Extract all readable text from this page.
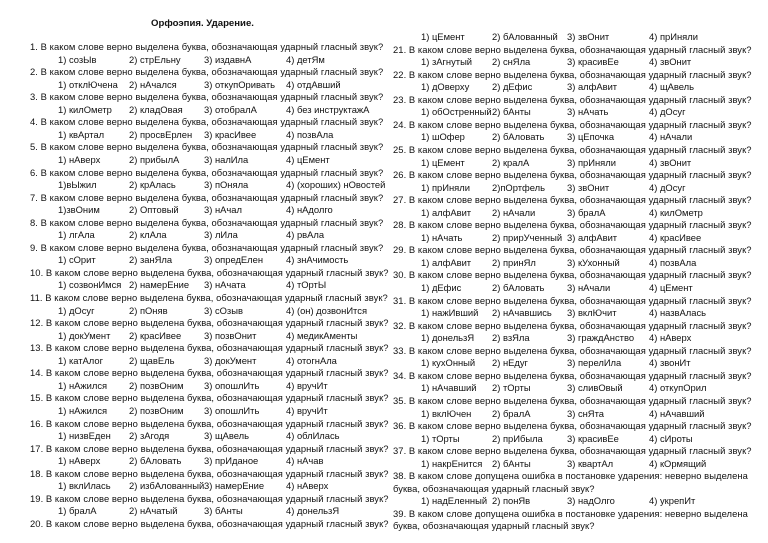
Орфоэпия. Ударение.
1. В каком слове верно выделена буква, обозначающая ударный гласный звук?
1) созЫв	2) стрЕльну 3) издавнА	4) детЯм
2. В каком слове верно выделена буква, обозначающая ударный гласный звук?
1) отклЮчена 2) нАчался	3) откупОривать 4) отдАвший
3. В каком слове верно выделена буква, обозначающая ударный гласный звук?
1) килОметр 2) кладОвая 3) отобралА	4) без инструктажА
4. В каком слове верно выделена буква, обозначающая ударный гласный звук?
1) квАртал	2) просвЕрлен 3) красИвее	4) позвАла
5. В каком слове верно выделена буква, обозначающая ударный гласный звук?
1) нАверх	2) прибылА	3) налИла	4) цЕмент
6. В каком слове верно выделена буква, обозначающая ударный гласный звук?
1)вЫжил	2) крАлась	3) пОняла	4) (хороших) нОвостей
7. В каком слове верно выделена буква, обозначающая ударный гласный звук?
1)звОним	2) Оптовый	3) нАчал	4) нАдолго
8. В каком слове верно выделена буква, обозначающая ударный гласный звук?
1) лгАла	2) клАла	3) лИла	4) рвАла
9. В каком слове верно выделена буква, обозначающая ударный гласный звук?
1) сОрит	2) занЯла	3) опредЕлен 4) знАчимость
10. В каком слове верно выделена буква, обозначающая ударный гласный звук?
1) созвонИмся 2) намерЕние 3) нАчата	4) тОртЫ
11. В каком слове верно выделена буква, обозначающая ударный гласный звук?
1) дОсуг	2) пОняв	3) сОзыв	4) (он) дозвонИтся
12. В каком слове верно выделена буква, обозначающая ударный гласный звук?
1) докУмент 2) красИвее 3) позвОнит	4) медикАменты
13. В каком слове верно выделена буква, обозначающая ударный гласный звук?
1) катАлог	2) щавЕль	3) докУмент	4) отогнАла
14. В каком слове верно выделена буква, обозначающая ударный гласный звук?
1) нАжился 2) позвОним 3) опошлИть	4) вручИт
15. В каком слове верно выделена буква, обозначающая ударный гласный звук?
1) нАжился 2) позвОним 3) опошлИть	4) вручИт
16. В каком слове верно выделена буква, обозначающая ударный гласный звук?
1) низвЕден 2) зАгодя	3) щАвель	4) облИлась
17. В каком слове верно выделена буква, обозначающая ударный гласный звук?
1) нАверх	2) бАловать 3) прИданое	4) нАчав
18. В каком слове верно выделена буква, обозначающая ударный гласный звук?
1) вклИлась 2) избАлованный 3) намерЕние 4) нАверх
19. В каком слове верно выделена буква, обозначающая ударный гласный звук?
1) бралА	2) нАчатый	3) бАнты	4) донельзЯ
20. В каком слове верно выделена буква, обозначающая ударный гласный звук?
1) цЕмент	2) бАлованный 3) звОнит	4) прИняли
21. В каком слове верно выделена буква, обозначающая ударный гласный звук?
1) зАгнутый 2) снЯла	3) красивЕе	4) звОнит
22. В каком слове верно выделена буква, обозначающая ударный гласный звук?
1) дОверху 2) дЕфис	3) алфАвит	4) щАвель
23. В каком слове верно выделена буква, обозначающая ударный гласный звук?
1) обОстренный 2) бАнты	3) нАчать	4) дОсуг
24. В каком слове верно выделена буква, обозначающая ударный гласный звук?
1) шОфер	2) бАловать 3) цЕпочка	4) нАчали
25. В каком слове верно выделена буква, обозначающая ударный гласный звук?
1) цЕмент	2) кралА	3) прИняли	4) звОнит
26. В каком слове верно выделена буква, обозначающая ударный гласный звук?
1) прИняли 2)пОртфель 3) звОнит	4) дОсуг
27. В каком слове верно выделена буква, обозначающая ударный гласный звук?
1) алфАвит 2) нАчали	3) бралА	4) килОметр
28. В каком слове верно выделена буква, обозначающая ударный гласный звук?
1) нАчать	2) прирУченный 3) алфАвит	4) красИвее
29. В каком слове верно выделена буква, обозначающая ударный гласный звук?
1) алфАвит 2) принЯл	3) кУхонный	4) позвАла
30. В каком слове верно выделена буква, обозначающая ударный гласный звук?
1) дЕфис	2) бАловать 3) нАчали	4) цЕмент
31. В каком слове верно выделена буква, обозначающая ударный гласный звук?
1) нажИвший 2) нАчавшись 3) вклЮчит	4) назвАлась
32. В каком слове верно выделена буква, обозначающая ударный гласный звук?
1) донельзЯ 2) взЯла	3) граждАнство 4) нАверх
33. В каком слове верно выделена буква, обозначающая ударный гласный звук?
1) кухОнный 2) нЕдуг	3) перелИла	4) звонИт
34. В каком слове верно выделена буква, обозначающая ударный гласный звук?
1) нАчавший 2) тОрты	3) сливОвый	4) откупОрил
35. В каком слове верно выделена буква, обозначающая ударный гласный звук?
1) вклЮчен 2) бралА	3) снЯта	4) нАчавший
36. В каком слове верно выделена буква, обозначающая ударный гласный звук?
1) тОрты	2) прИбыла	3) красивЕе	4) сИроты
37. В каком слове верно выделена буква, обозначающая ударный гласный звук?
1) накрЕнится 2) бАнты	3) квартАл	4) кОрмящий
38. В каком слове допущена ошибка в постановке ударения: неверно выделена
буква, обозначающая ударный гласный звук?
1) надЕленный 2) понЯв	3) надОлго	4) укрепИт
39. В каком слове допущена ошибка в постановке ударения: неверно выделена
буква, обозначающая ударный гласный звук?
